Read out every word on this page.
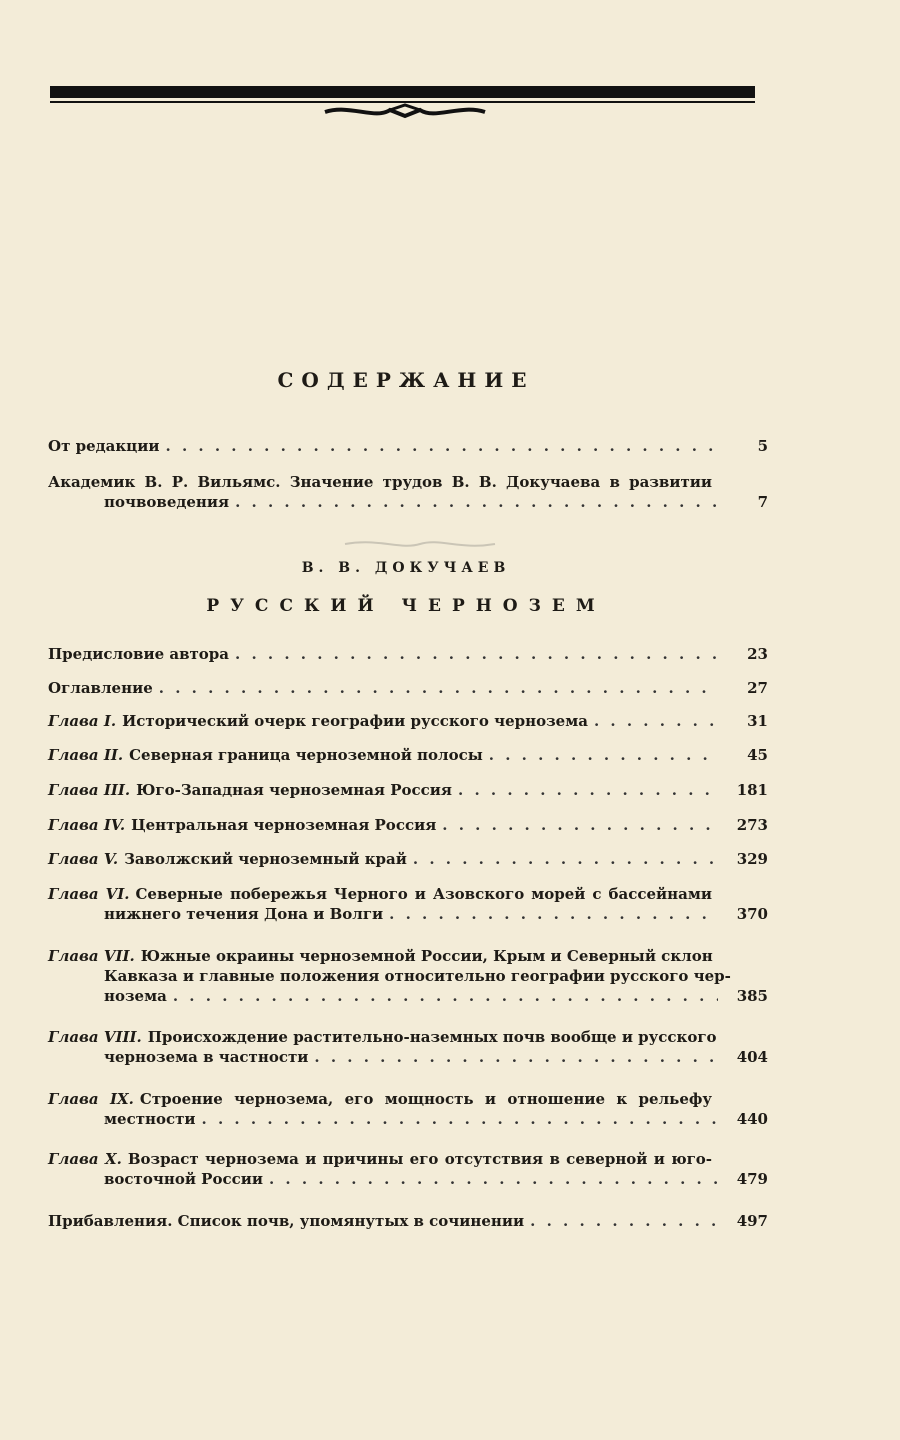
СОДЕРЖАНИЕ
От редакции . . .	5
Академик В. Р. Вильямс. Значение трудов В. В. Докучаева в развитии
почвоведения . . .	7
В. В. ДОКУЧАЕВ
РУССКИЙ ЧЕРНОЗЕМ
Предисловие автора . . .	23
Оглавление . . .	27
Глава I. Исторический очерк географии русского чернозема . . .	31
Глава II. Северная граница черноземной полосы . . .	45
Глава III. Юго-Западная черноземная Россия . . .	181
Глава IV. Центральная черноземная Россия . . .	273
Глава V. Заволжский черноземный край . . .	329
Глава VI. Северные побережья Черного и Азовского морей с бассейнами
нижнего течения Дона и Волги . . .	370
Глава VII. Южные окраины черноземной России, Крым и Северный склон
Кавказа и главные положения относительно географии русского чер-
нозема . . .	385
Глава VIII. Происхождение растительно-наземных почв вообще и русского
чернозема в частности . . .	404
Глава IX. Строение чернозема, его мощность и отношение к рельефу
местности . . .	440
Глава X. Возраст чернозема и причины его отсутствия в северной и юго-
восточной России . . .	479
Прибавления. Список почв, упомянутых в сочинении . . .	497
